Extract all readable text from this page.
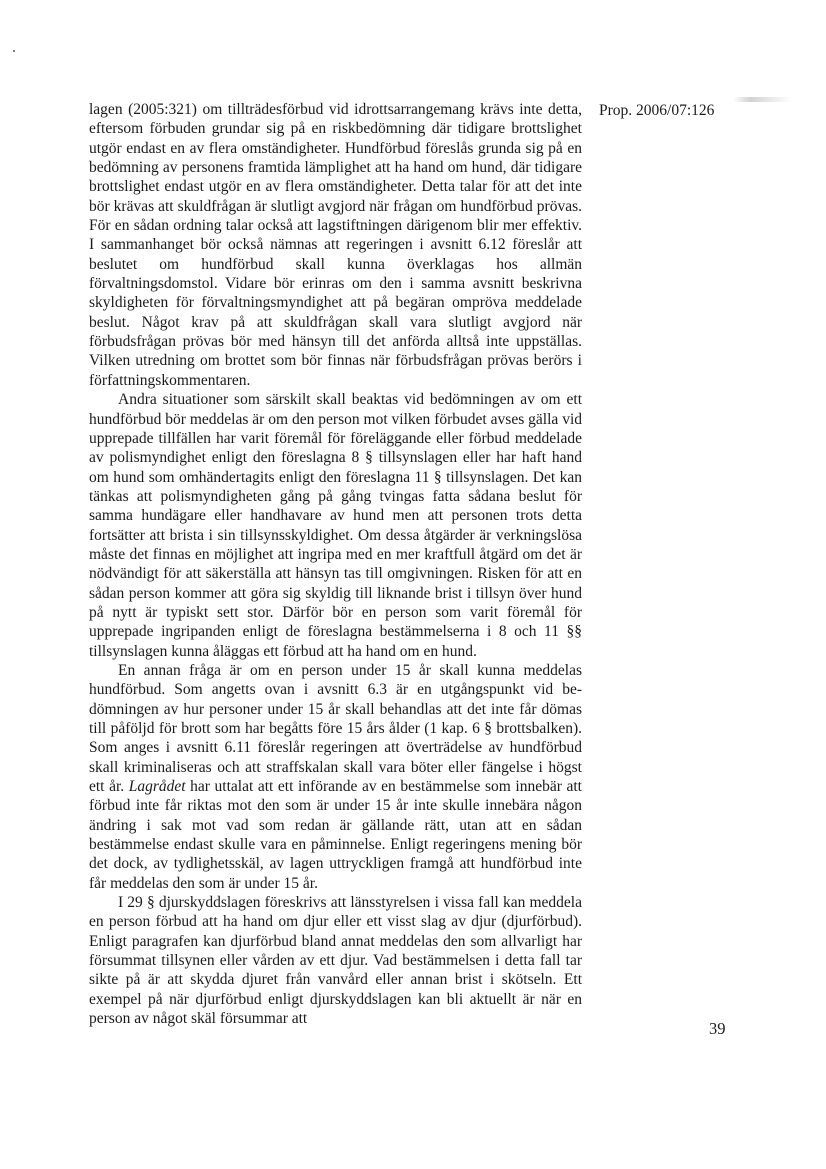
Prop. 2006/07:126

lagen (2005:321) om tillträdesförbud vid idrottsarrangemang krävs inte detta, eftersom förbuden grundar sig på en riskbedömning där tidigare brottslighet utgör endast en av flera omständigheter. Hundförbud föreslås grunda sig på en bedömning av personens framtida lämplighet att ha hand om hund, där tidigare brottslighet endast utgör en av flera omständigheter. Detta talar för att det inte bör krävas att skuldfrågan är slutligt avgjord när frågan om hundförbud prövas. För en sådan ordning talar också att lagstiftningen därigenom blir mer effektiv. I sammanhanget bör också nämnas att regeringen i avsnitt 6.12 föreslår att beslutet om hundförbud skall kunna överklagas hos allmän förvaltningsdomstol. Vidare bör erinras om den i samma avsnitt beskrivna skyldigheten för förvaltningsmyndighet att på begäran ompröva meddelade beslut. Något krav på att skuldfrågan skall vara slutligt avgjord när förbudsfrågan prövas bör med hänsyn till det anförda alltså inte uppställas. Vilken utredning om brottet som bör finnas när förbudsfrågan prövas berörs i författningskommentaren.

Andra situationer som särskilt skall beaktas vid bedömningen av om ett hundförbud bör meddelas är om den person mot vilken förbudet avses gälla vid upprepade tillfällen har varit föremål för föreläggande eller förbud meddelade av polismyndighet enligt den föreslagna 8 § tillsynslagen eller har haft hand om hund som omhändertagits enligt den föreslagna 11 § tillsynslagen. Det kan tänkas att polismyndigheten gång på gång tvingas fatta sådana beslut för samma hundägare eller handhavare av hund men att personen trots detta fortsätter att brista i sin tillsynsskyldighet. Om dessa åtgärder är verkningslösa måste det finnas en möjlighet att ingripa med en mer kraftfull åtgärd om det är nödvändigt för att säkerställa att hänsyn tas till omgivningen. Risken för att en sådan person kommer att göra sig skyldig till liknande brist i tillsyn över hund på nytt är typiskt sett stor. Därför bör en person som varit föremål för upprepade ingripanden enligt de föreslagna bestämmelserna i 8 och 11 §§ tillsynslagen kunna åläggas ett förbud att ha hand om en hund.

En annan fråga är om en person under 15 år skall kunna meddelas hundförbud. Som angetts ovan i avsnitt 6.3 är en utgångspunkt vid bedömningen av hur personer under 15 år skall behandlas att det inte får dömas till påföljd för brott som har begåtts före 15 års ålder (1 kap. 6 § brottsbalken). Som anges i avsnitt 6.11 föreslår regeringen att överträdelse av hundförbud skall kriminaliseras och att straffskalan skall vara böter eller fängelse i högst ett år. Lagrådet har uttalat att ett införande av en bestämmelse som innebär att förbud inte får riktas mot den som är under 15 år inte skulle innebära någon ändring i sak mot vad som redan är gällande rätt, utan att en sådan bestämmelse endast skulle vara en påminnelse. Enligt regeringens mening bör det dock, av tydlighetsskäl, av lagen uttryckligen framgå att hundförbud inte får meddelas den som är under 15 år.

I 29 § djurskyddslagen föreskrivs att länsstyrelsen i vissa fall kan meddela en person förbud att ha hand om djur eller ett visst slag av djur (djurförbud). Enligt paragrafen kan djurförbud bland annat meddelas den som allvarligt har försummat tillsynen eller vården av ett djur. Vad bestämmelsen i detta fall tar sikte på är att skydda djuret från vanvård eller annan brist i skötseln. Ett exempel på när djurförbud enligt djurskyddslagen kan bli aktuellt är när en person av något skäl försummar att

39
